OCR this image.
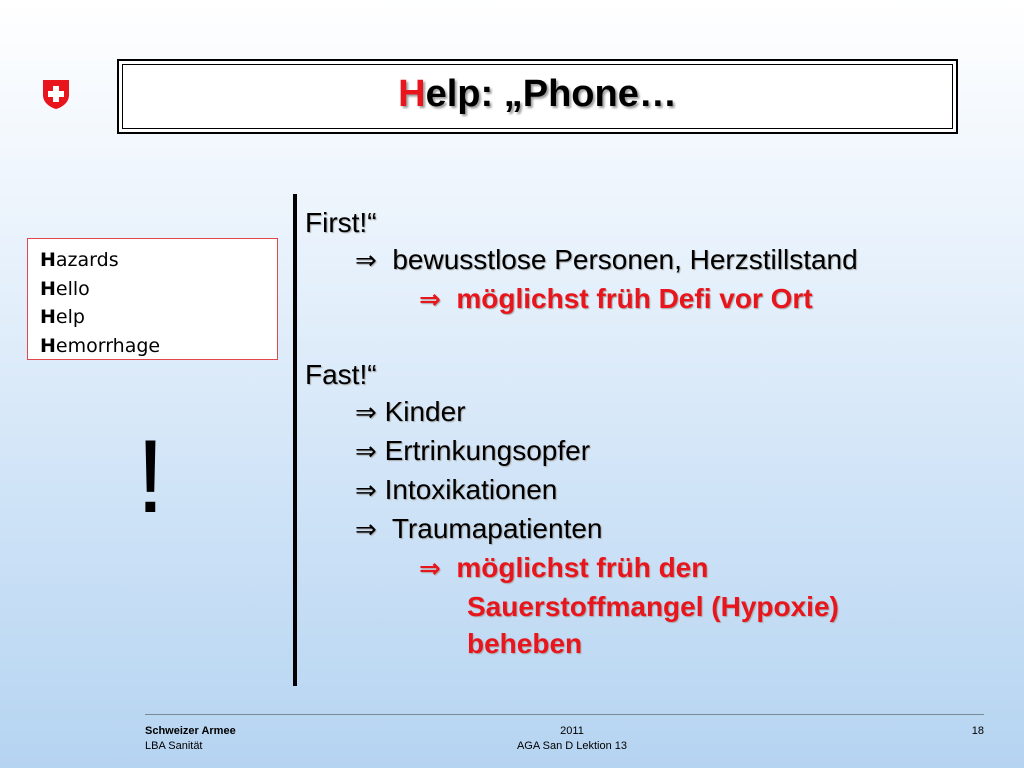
Help: „Phone…
Hazards
Hello
Help
Hemorrhage
!
First!“
⇒ bewusstlose Personen, Herzstillstand
⇒ möglichst früh Defi vor Ort
Fast!“
⇒ Kinder
⇒ Ertrinkungsopfer
⇒ Intoxikationen
⇒ Traumapatienten
⇒ möglichst früh den
Sauerstoffmangel (Hypoxie)
beheben
Schweizer Armee
LBA Sanität
2011
AGA San D Lektion 13
18
